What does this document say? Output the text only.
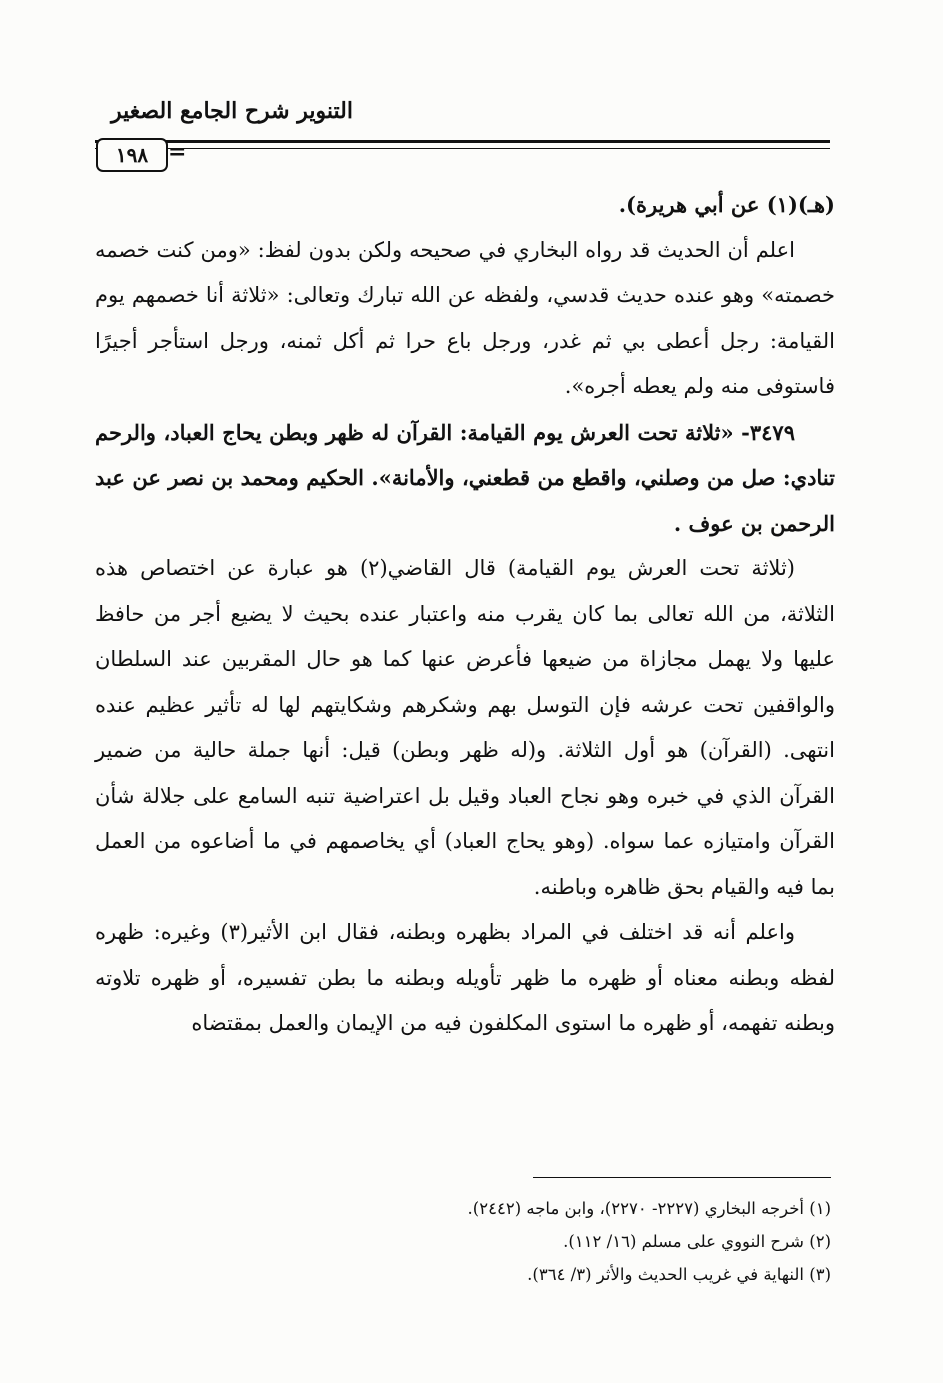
التنوير شرح الجامع الصغير
١٩٨ =

(هـ)(١) عن أبي هريرة).

اعلم أن الحديث قد رواه البخاري في صحيحه ولكن بدون لفظ: «ومن كنت خصمه خصمته» وهو عنده حديث قدسي، ولفظه عن الله تبارك وتعالى: «ثلاثة أنا خصمهم يوم القيامة: رجل أعطى بي ثم غدر، ورجل باع حرا ثم أكل ثمنه، ورجل استأجر أجيرًا فاستوفى منه ولم يعطه أجره».

٣٤٧٩- «ثلاثة تحت العرش يوم القيامة: القرآن له ظهر وبطن يحاج العباد، والرحم تنادي: صل من وصلني، واقطع من قطعني، والأمانة». الحكيم ومحمد بن نصر عن عبد الرحمن بن عوف .

(ثلاثة تحت العرش يوم القيامة) قال القاضي(٢) هو عبارة عن اختصاص هذه الثلاثة، من الله تعالى بما كان يقرب منه واعتبار عنده بحيث لا يضيع أجر من حافظ عليها ولا يهمل مجازاة من ضيعها فأعرض عنها كما هو حال المقربين عند السلطان والواقفين تحت عرشه فإن التوسل بهم وشكرهم وشكايتهم لها له تأثير عظيم عنده انتهى. (القرآن) هو أول الثلاثة. و(له ظهر وبطن) قيل: أنها جملة حالية من ضمير القرآن الذي في خبره وهو نجاح العباد وقيل بل اعتراضية تنبه السامع على جلالة شأن القرآن وامتيازه عما سواه. (وهو يحاج العباد) أي يخاصمهم في ما أضاعوه من العمل بما فيه والقيام بحق ظاهره وباطنه.

واعلم أنه قد اختلف في المراد بظهره وبطنه، فقال ابن الأثير(٣) وغيره: ظهره لفظه وبطنه معناه أو ظهره ما ظهر تأويله وبطنه ما بطن تفسيره، أو ظهره تلاوته وبطنه تفهمه، أو ظهره ما استوى المكلفون فيه من الإيمان والعمل بمقتضاه

(١) أخرجه البخاري (٢٢٢٧- ٢٢٧٠)، وابن ماجه (٢٤٤٢).
(٢) شرح النووي على مسلم (١٦/ ١١٢).
(٣) النهاية في غريب الحديث والأثر (٣/ ٣٦٤).
